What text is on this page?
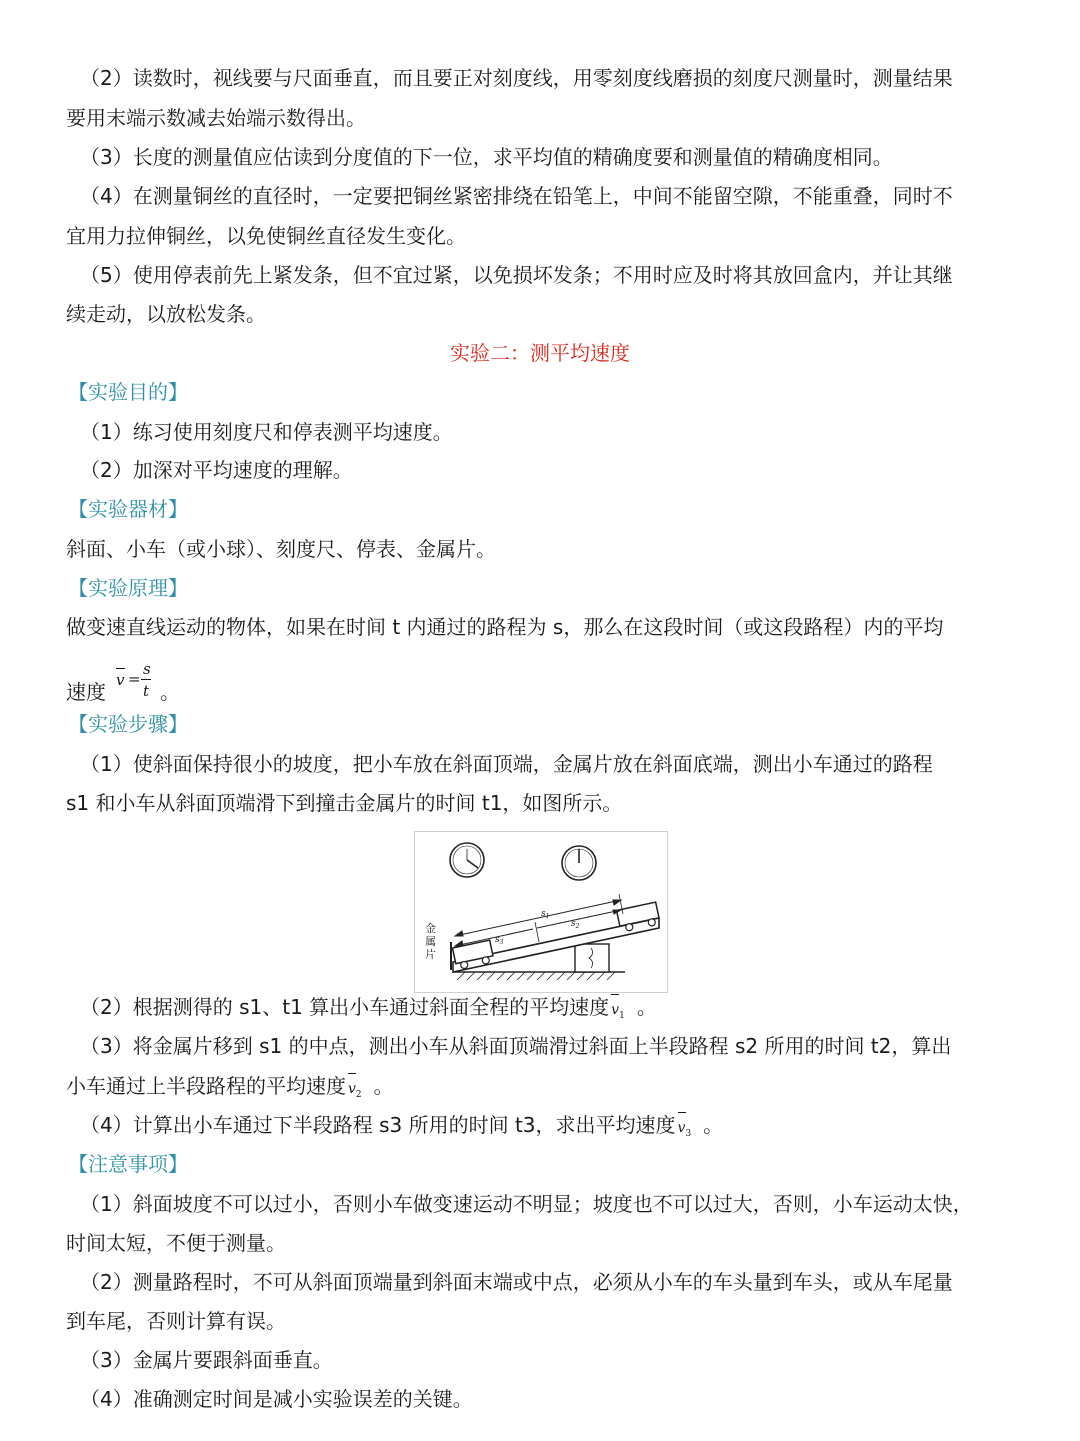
（2）读数时，视线要与尺面垂直，而且要正对刻度线，用零刻度线磨损的刻度尺测量时，测量结果
要用末端示数减去始端示数得出。
（3）长度的测量值应估读到分度值的下一位，求平均值的精确度要和测量值的精确度相同。
（4）在测量铜丝的直径时，一定要把铜丝紧密排绕在铅笔上，中间不能留空隙，不能重叠，同时不
宜用力拉伸铜丝，以免使铜丝直径发生变化。
（5）使用停表前先上紧发条，但不宜过紧，以免损坏发条；不用时应及时将其放回盒内，并让其继
续走动，以放松发条。
实验二：测平均速度
【实验目的】
（1）练习使用刻度尺和停表测平均速度。
（2）加深对平均速度的理解。
【实验器材】
斜面、小车（或小球）、刻度尺、停表、金属片。
【实验原理】
做变速直线运动的物体，如果在时间 t 内通过的路程为 s，那么在这段时间（或这段路程）内的平均
速度 v =
s
t 。
【实验步骤】
（1）使斜面保持很小的坡度，把小车放在斜面顶端，金属片放在斜面底端，测出小车通过的路程
s1 和小车从斜面顶端滑下到撞击金属片的时间 t1，如图所示。
$s_1$
$s_2$
$s_3$
金 属 片
（2）根据测得的 s1、t1 算出小车通过斜面全程的平均速度 $v_1$ 。
（3）将金属片移到 s1 的中点，测出小车从斜面顶端滑过斜面上半段路程 s2 所用的时间 t2，算出
小车通过上半段路程的平均速度 $v_2$ 。
（4）计算出小车通过下半段路程 s3 所用的时间 t3，求出平均速度 $v_3$ 。
【注意事项】
（1）斜面坡度不可以过小，否则小车做变速运动不明显；坡度也不可以过大，否则，小车运动太快，
时间太短，不便于测量。
（2）测量路程时，不可从斜面顶端量到斜面末端或中点，必须从小车的车头量到车头，或从车尾量
到车尾，否则计算有误。
（3）金属片要跟斜面垂直。
（4）准确测定时间是减小实验误差的关键。
